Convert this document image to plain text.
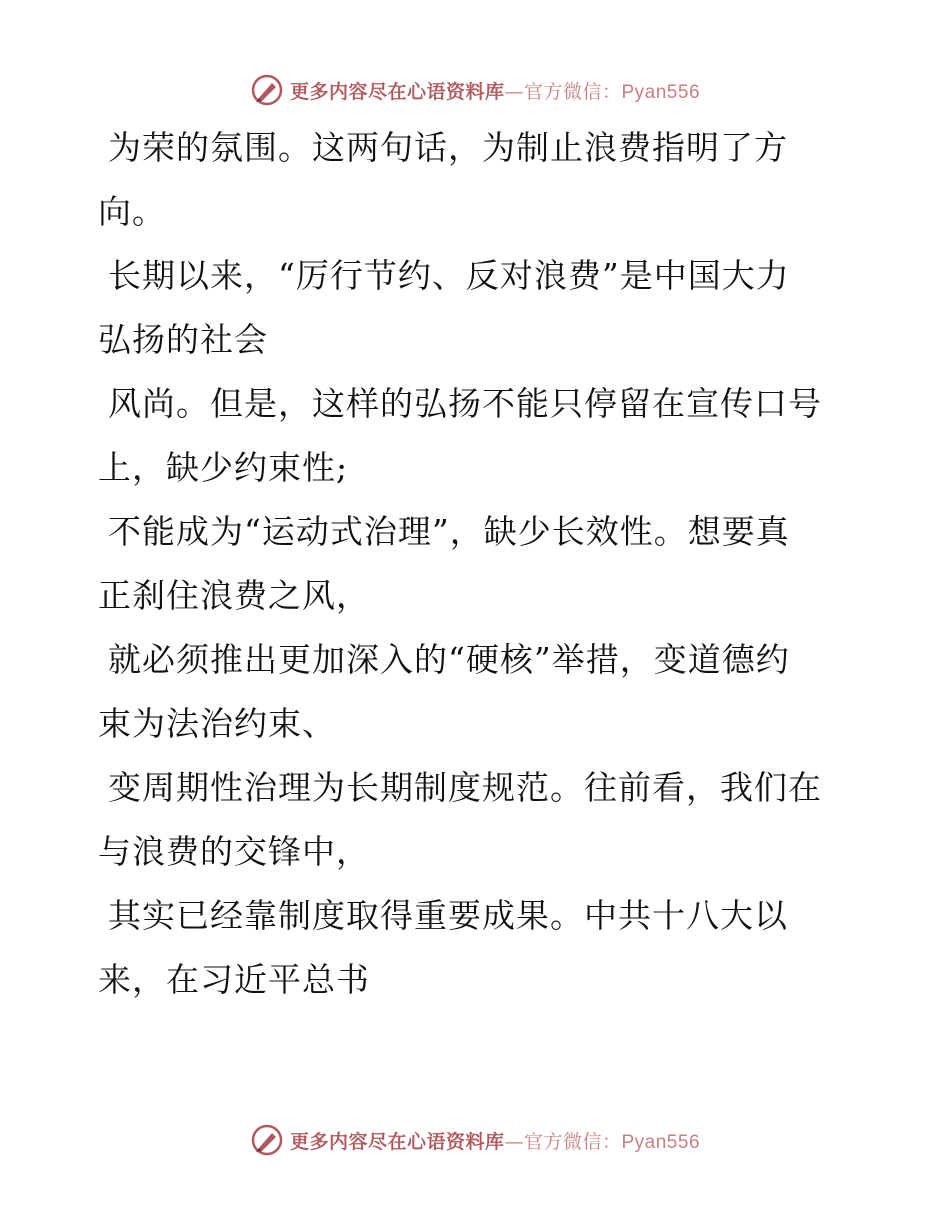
更多内容尽在心语资料库—官方微信：Pyan556

为荣的氛围。这两句话，为制止浪费指明了方

向。

长期以来，“厉行节约、反对浪费”是中国大力

弘扬的社会

风尚。但是，这样的弘扬不能只停留在宣传口号

上，缺少约束性;

不能成为“运动式治理”，缺少长效性。想要真

正刹住浪费之风，

就必须推出更加深入的“硬核”举措，变道德约

束为法治约束、

变周期性治理为长期制度规范。往前看，我们在

与浪费的交锋中，

其实已经靠制度取得重要成果。中共十八大以

来，在习近平总书

更多内容尽在心语资料库—官方微信：Pyan556
